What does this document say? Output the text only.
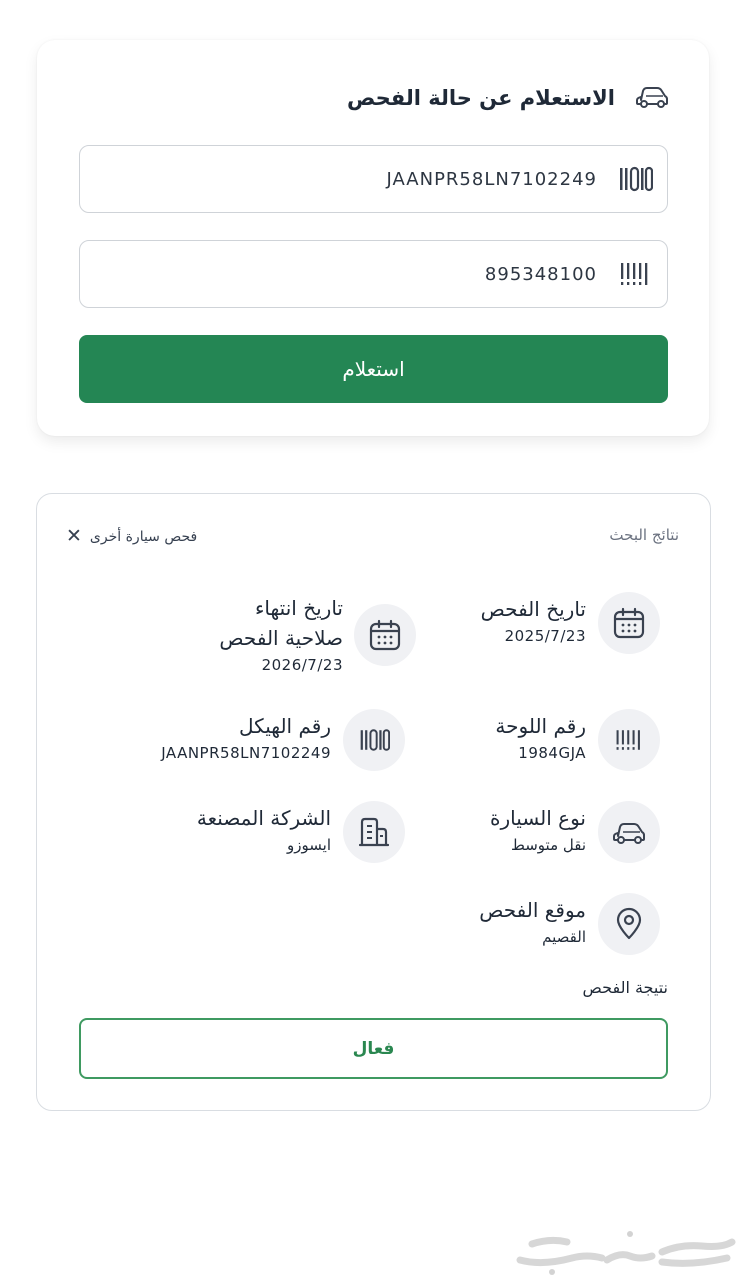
الاستعلام عن حالة الفحص
JAANPR58LN7102249
895348100
استعلام
نتائج البحث
فحص سيارة أخرى
✕
تاريخ الفحص
2025/7/23
تاريخ انتهاء
صلاحية الفحص
2026/7/23
رقم اللوحة
1984GJA
رقم الهيكل
JAANPR58LN7102249
نوع السيارة
نقل متوسط
الشركة المصنعة
ايسوزو
موقع الفحص
القصيم
نتيجة الفحص
فعال
